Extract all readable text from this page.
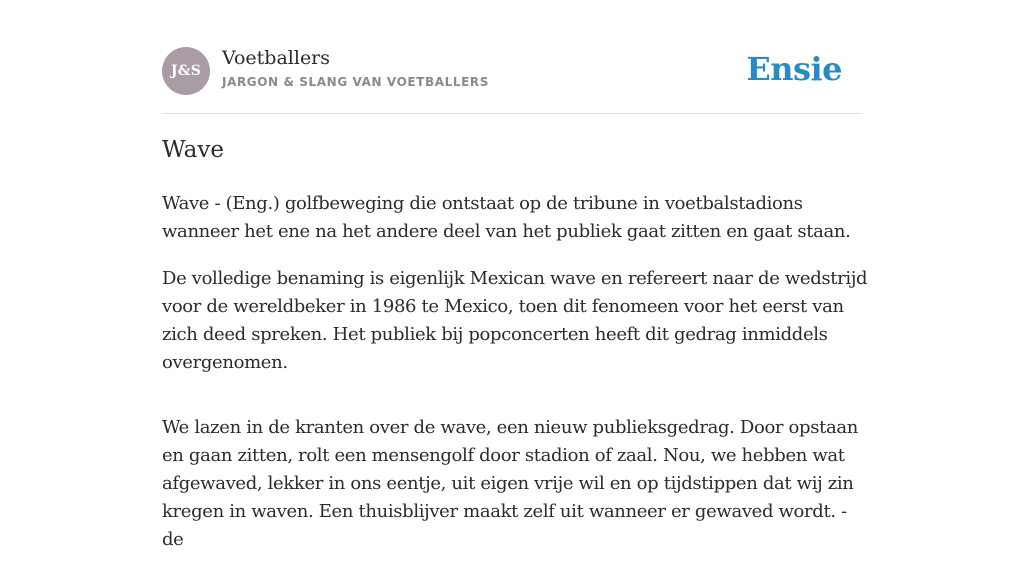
J&S
Voetballers
JARGON & SLANG VAN VOETBALLERS	Ensie
Wave

Wave - (Eng.) golfbeweging die ontstaat op de tribune in voetbalstadions wanneer het ene na het andere deel van het publiek gaat zitten en gaat staan.

De volledige benaming is eigenlijk Mexican wave en refereert naar de wedstrijd voor de wereldbeker in 1986 te Mexico, toen dit fenomeen voor het eerst van zich deed spreken. Het publiek bij popconcerten heeft dit gedrag inmiddels overgenomen.

We lazen in de kranten over de wave, een nieuw publieksgedrag. Door opstaan en gaan zitten, rolt een mensengolf door stadion of zaal. Nou, we hebben wat afgewaved, lekker in ons eentje, uit eigen vrije wil en op tijdstippen dat wij zin kregen in waven. Een thuisblijver maakt zelf uit wanneer er gewaved wordt. - de
